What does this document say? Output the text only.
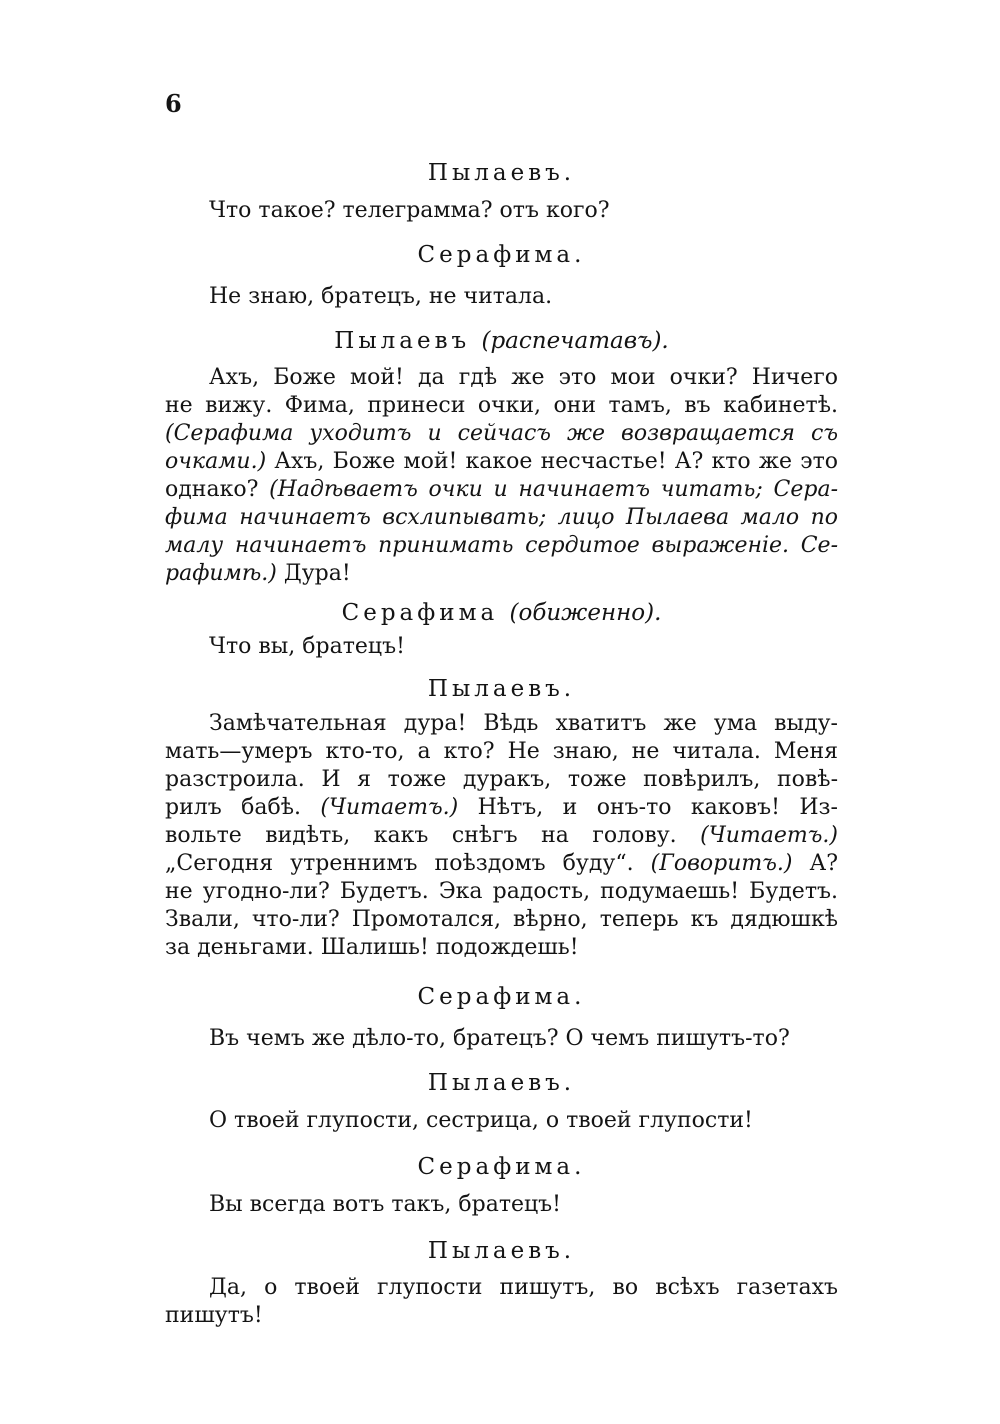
6
Пылаевъ.
Что такое? телеграмма? отъ кого?
Серафима.
Не знаю, братецъ, не читала.
Пылаевъ (распечатавъ).
Ахъ, Боже мой! да гдѣ же это мои очки? Ничего
не вижу. Фима, принеси очки, они тамъ, въ кабинетѣ.
(Серафима уходитъ и сейчасъ же возвращается съ
очками.) Ахъ, Боже мой! какое несчастье! А? кто же это
однако? (Надѣваетъ очки и начинаетъ читать; Сера-
фима начинаетъ всхлипывать; лицо Пылаева мало по
малу начинаетъ принимать сердитое выраженіе. Се-
рафимѣ.) Дура!
Серафима (обиженно).
Что вы, братецъ!
Пылаевъ.
Замѣчательная дура! Вѣдь хватитъ же ума выду-
мать—умеръ кто-то, а кто? Не знаю, не читала. Меня
разстроила. И я тоже дуракъ, тоже повѣрилъ, повѣ-
рилъ бабѣ. (Читаетъ.) Нѣтъ, и онъ-то каковъ! Из-
вольте видѣть, какъ снѣгъ на голову. (Читаетъ.)
„Сегодня утреннимъ поѣздомъ буду“. (Говоритъ.) А?
не угодно-ли? Будетъ. Эка радость, подумаешь! Будетъ.
Звали, что-ли? Промотался, вѣрно, теперь къ дядюшкѣ
за деньгами. Шалишь! подождешь!
Серафима.
Въ чемъ же дѣло-то, братецъ? О чемъ пишутъ-то?
Пылаевъ.
О твоей глупости, сестрица, о твоей глупости!
Серафима.
Вы всегда вотъ такъ, братецъ!
Пылаевъ.
Да, о твоей глупости пишутъ, во всѣхъ газетахъ
пишутъ!
